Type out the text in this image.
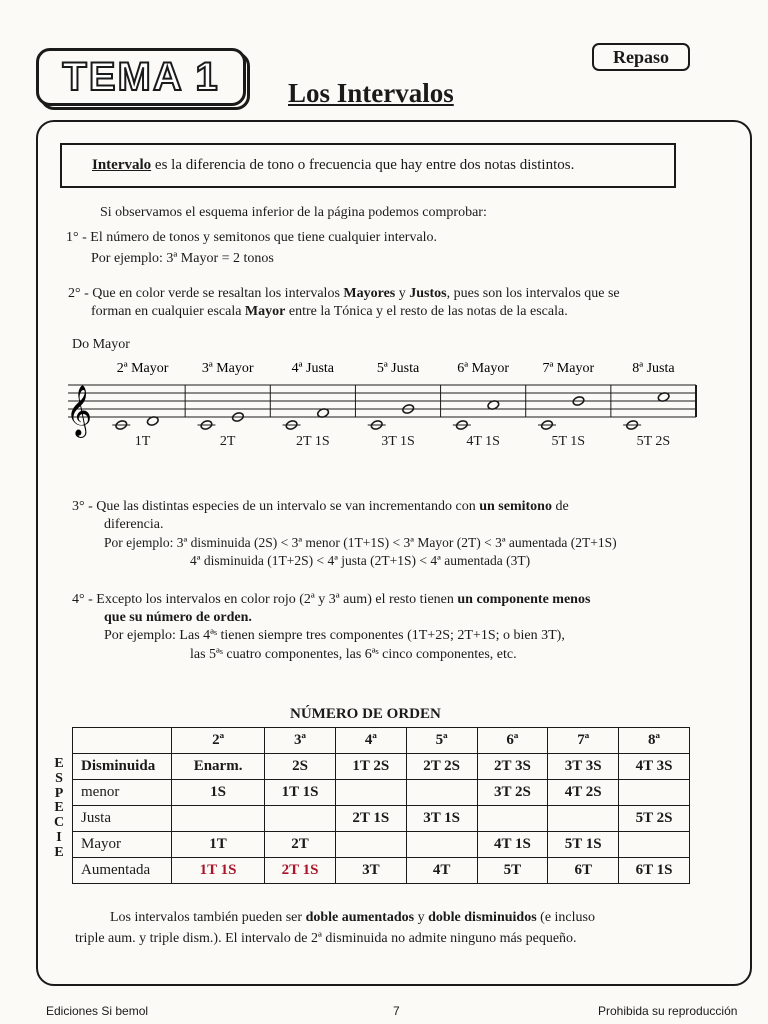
TEMA 1	Repaso
Los Intervalos
Intervalo es la diferencia de tono o frecuencia que hay entre dos notas distintos.
Si observamos el esquema inferior de la página podemos comprobar:
1° - El número de tonos y semitonos que tiene cualquier intervalo.
Por ejemplo: 3ª Mayor = 2 tonos
2° - Que en color verde se resaltan los intervalos Mayores y Justos, pues son los intervalos que se
forman en cualquier escala Mayor entre la Tónica y el resto de las notas de la escala.
Do Mayor
2ª Mayor 3ª Mayor	4ª Justa	5ª Justa	6ª Mayor 7ª Mayor	8ª Justa
𝄞
1T	2T	2T 1S	3T 1S	4T 1S	5T 1S	5T 2S
3° - Que las distintas especies de un intervalo se van incrementando con un semitono de
diferencia.
Por ejemplo: 3ª disminuida (2S) < 3ª menor (1T+1S) < 3ª Mayor (2T) < 3ª aumentada (2T+1S)
4ª disminuida (1T+2S) < 4ª justa (2T+1S) < 4ª aumentada (3T)
4° - Excepto los intervalos en color rojo (2ª y 3ª aum) el resto tienen un componente menos
que su número de orden.
Por ejemplo: Las 4ªˢ tienen siempre tres componentes (1T+2S; 2T+1S; o bien 3T),
las 5ªˢ cuatro componentes, las 6ªˢ cinco componentes, etc.
NÚMERO DE ORDEN
E
S
P
E
C
I
E
	2ª	3ª	4ª	5ª	6ª	7ª	8ª
Disminuida	Enarm.	2S	1T 2S	2T 2S	2T 3S	3T 3S	4T 3S
menor	1S	1T 1S			3T 2S	4T 2S	
Justa			2T 1S	3T 1S			5T 2S
Mayor	1T	2T			4T 1S	5T 1S	
Aumentada	1T 1S	2T 1S	3T	4T	5T	6T	6T 1S
Los intervalos también pueden ser doble aumentados y doble disminuidos (e incluso
triple aum. y triple dism.). El intervalo de 2ª disminuida no admite ninguno más pequeño.
Ediciones Si bemol	7	Prohibida su reproducción
